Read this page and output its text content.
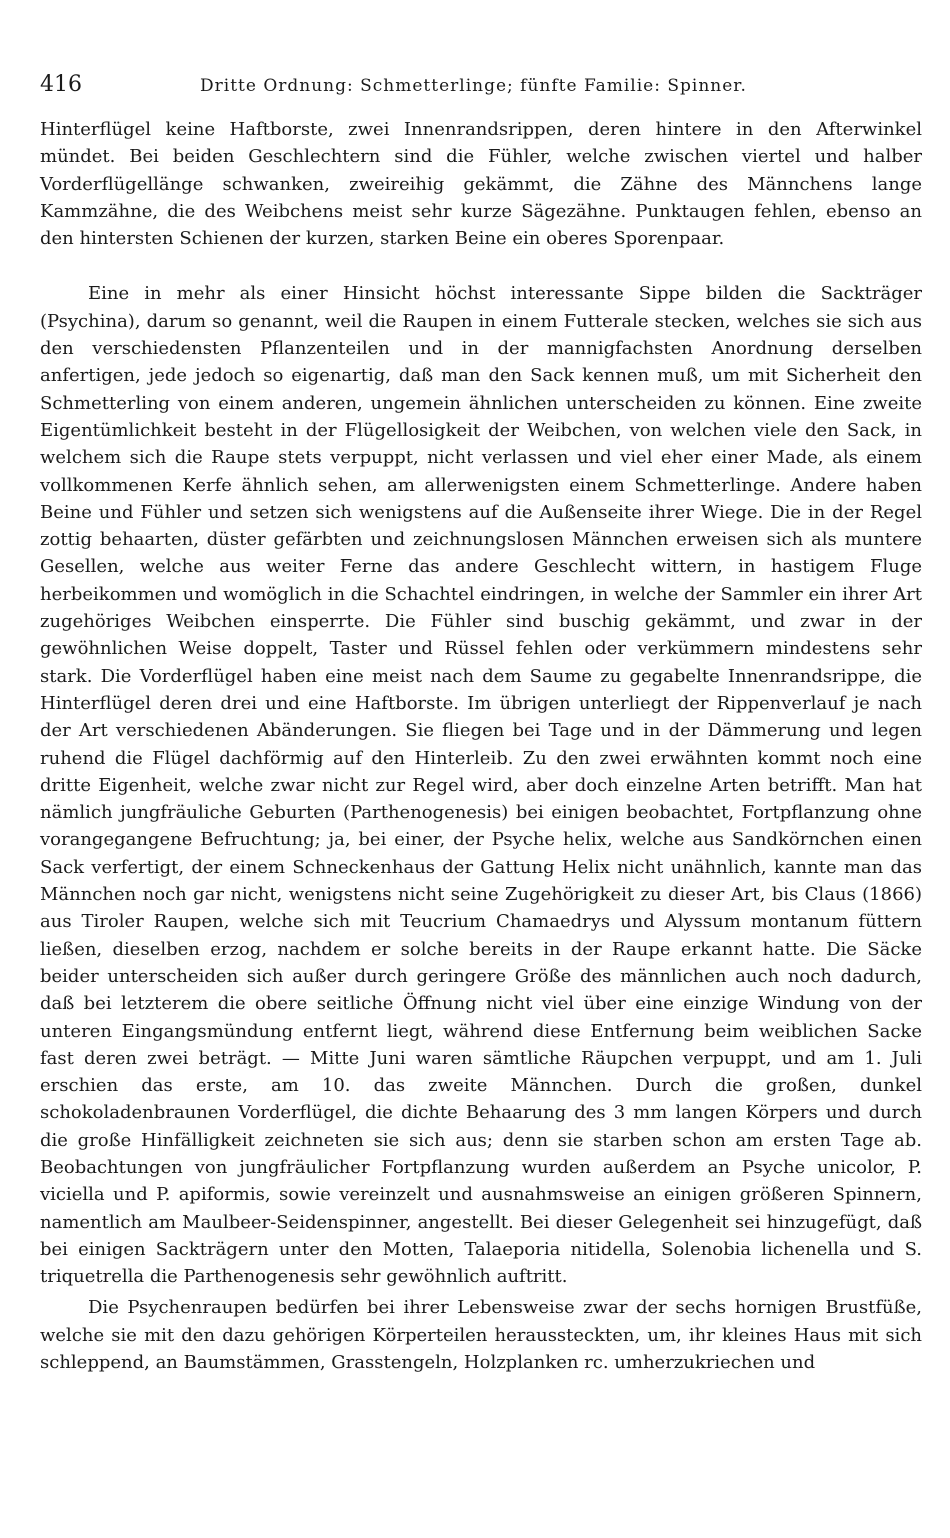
416	Dritte Ordnung: Schmetterlinge; fünfte Familie: Spinner.

Hinterflügel keine Haftborste, zwei Innenrandsrippen, deren hintere in den Afterwinkel mündet. Bei beiden Geschlechtern sind die Fühler, welche zwischen viertel und halber Vorderflügellänge schwanken, zweireihig gekämmt, die Zähne des Männchens lange Kammzähne, die des Weibchens meist sehr kurze Sägezähne. Punktaugen fehlen, ebenso an den hintersten Schienen der kurzen, starken Beine ein oberes Sporenpaar.

Eine in mehr als einer Hinsicht höchst interessante Sippe bilden die Sackträger (Psychina), darum so genannt, weil die Raupen in einem Futterale stecken, welches sie sich aus den verschiedensten Pflanzenteilen und in der mannigfachsten Anordnung derselben anfertigen, jede jedoch so eigenartig, daß man den Sack kennen muß, um mit Sicherheit den Schmetterling von einem anderen, ungemein ähnlichen unterscheiden zu können. Eine zweite Eigentümlichkeit besteht in der Flügellosigkeit der Weibchen, von welchen viele den Sack, in welchem sich die Raupe stets verpuppt, nicht verlassen und viel eher einer Made, als einem vollkommenen Kerfe ähnlich sehen, am allerwenigsten einem Schmetterlinge. Andere haben Beine und Fühler und setzen sich wenigstens auf die Außenseite ihrer Wiege. Die in der Regel zottig behaarten, düster gefärbten und zeichnungslosen Männchen erweisen sich als muntere Gesellen, welche aus weiter Ferne das andere Geschlecht wittern, in hastigem Fluge herbeikommen und womöglich in die Schachtel eindringen, in welche der Sammler ein ihrer Art zugehöriges Weibchen einsperrte. Die Fühler sind buschig gekämmt, und zwar in der gewöhnlichen Weise doppelt, Taster und Rüssel fehlen oder verkümmern mindestens sehr stark. Die Vorderflügel haben eine meist nach dem Saume zu gegabelte Innenrandsrippe, die Hinterflügel deren drei und eine Haftborste. Im übrigen unterliegt der Rippenverlauf je nach der Art verschiedenen Abänderungen. Sie fliegen bei Tage und in der Dämmerung und legen ruhend die Flügel dachförmig auf den Hinterleib. Zu den zwei erwähnten kommt noch eine dritte Eigenheit, welche zwar nicht zur Regel wird, aber doch einzelne Arten betrifft. Man hat nämlich jungfräuliche Geburten (Parthenogenesis) bei einigen beobachtet, Fortpflanzung ohne vorangegangene Befruchtung; ja, bei einer, der Psyche helix, welche aus Sandkörnchen einen Sack verfertigt, der einem Schneckenhaus der Gattung Helix nicht unähnlich, kannte man das Männchen noch gar nicht, wenigstens nicht seine Zugehörigkeit zu dieser Art, bis Claus (1866) aus Tiroler Raupen, welche sich mit Teucrium Chamaedrys und Alyssum montanum füttern ließen, dieselben erzog, nachdem er solche bereits in der Raupe erkannt hatte. Die Säcke beider unterscheiden sich außer durch geringere Größe des männlichen auch noch dadurch, daß bei letzterem die obere seitliche Öffnung nicht viel über eine einzige Windung von der unteren Eingangsmündung entfernt liegt, während diese Entfernung beim weiblichen Sacke fast deren zwei beträgt. — Mitte Juni waren sämtliche Räupchen verpuppt, und am 1. Juli erschien das erste, am 10. das zweite Männchen. Durch die großen, dunkel schokoladenbraunen Vorderflügel, die dichte Behaarung des 3 mm langen Körpers und durch die große Hinfälligkeit zeichneten sie sich aus; denn sie starben schon am ersten Tage ab. Beobachtungen von jungfräulicher Fortpflanzung wurden außerdem an Psyche unicolor, P. viciella und P. apiformis, sowie vereinzelt und ausnahmsweise an einigen größeren Spinnern, namentlich am Maulbeer-Seidenspinner, angestellt. Bei dieser Gelegenheit sei hinzugefügt, daß bei einigen Sackträgern unter den Motten, Talaeporia nitidella, Solenobia lichenella und S. triquetrella die Parthenogenesis sehr gewöhnlich auftritt.

Die Psychenraupen bedürfen bei ihrer Lebensweise zwar der sechs hornigen Brustfüße, welche sie mit den dazu gehörigen Körperteilen heraussteckten, um, ihr kleines Haus mit sich schleppend, an Baumstämmen, Grasstengeln, Holzplanken rc. umherzukriechen und
